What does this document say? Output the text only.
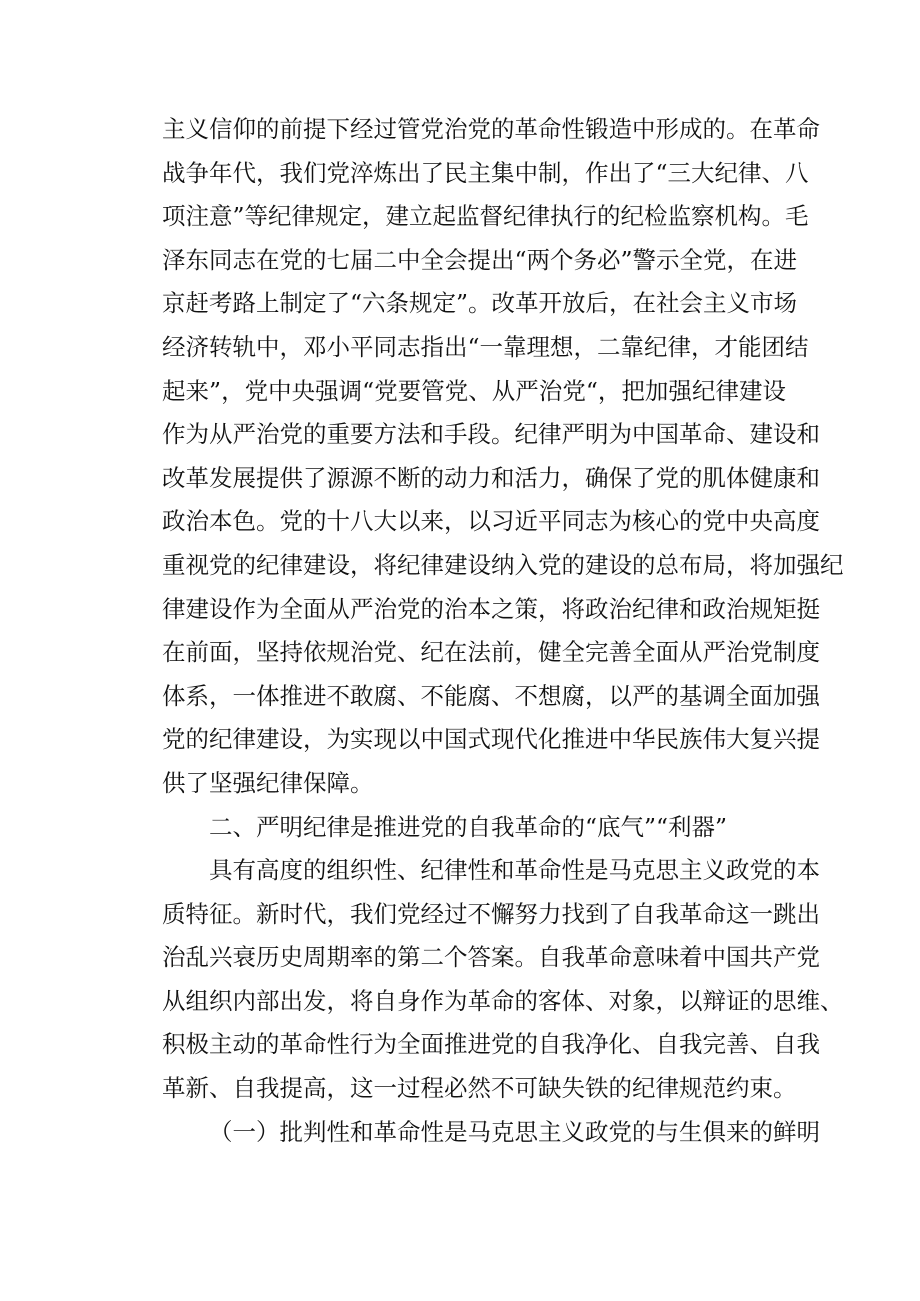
主义信仰的前提下经过管党治党的革命性锻造中形成的。在革命
战争年代，我们党淬炼出了民主集中制，作出了“三大纪律、八
项注意”等纪律规定，建立起监督纪律执行的纪检监察机构。毛
泽东同志在党的七届二中全会提出“两个务必”警示全党，在进
京赶考路上制定了“六条规定”。改革开放后，在社会主义市场
经济转轨中，邓小平同志指出“一靠理想，二靠纪律，才能团结
起来”，党中央强调“党要管党、从严治党“，把加强纪律建设
作为从严治党的重要方法和手段。纪律严明为中国革命、建设和
改革发展提供了源源不断的动力和活力，确保了党的肌体健康和
政治本色。党的十八大以来，以习近平同志为核心的党中央高度
重视党的纪律建设，将纪律建设纳入党的建设的总布局，将加强纪
律建设作为全面从严治党的治本之策，将政治纪律和政治规矩挺
在前面，坚持依规治党、纪在法前，健全完善全面从严治党制度
体系，一体推进不敢腐、不能腐、不想腐，以严的基调全面加强
党的纪律建设，为实现以中国式现代化推进中华民族伟大复兴提
供了坚强纪律保障。
二、严明纪律是推进党的自我革命的“底气”“利器”
具有高度的组织性、纪律性和革命性是马克思主义政党的本
质特征。新时代，我们党经过不懈努力找到了自我革命这一跳出
治乱兴衰历史周期率的第二个答案。自我革命意味着中国共产党
从组织内部出发，将自身作为革命的客体、对象，以辩证的思维、
积极主动的革命性行为全面推进党的自我净化、自我完善、自我
革新、自我提高，这一过程必然不可缺失铁的纪律规范约束。
（一）批判性和革命性是马克思主义政党的与生俱来的鲜明
